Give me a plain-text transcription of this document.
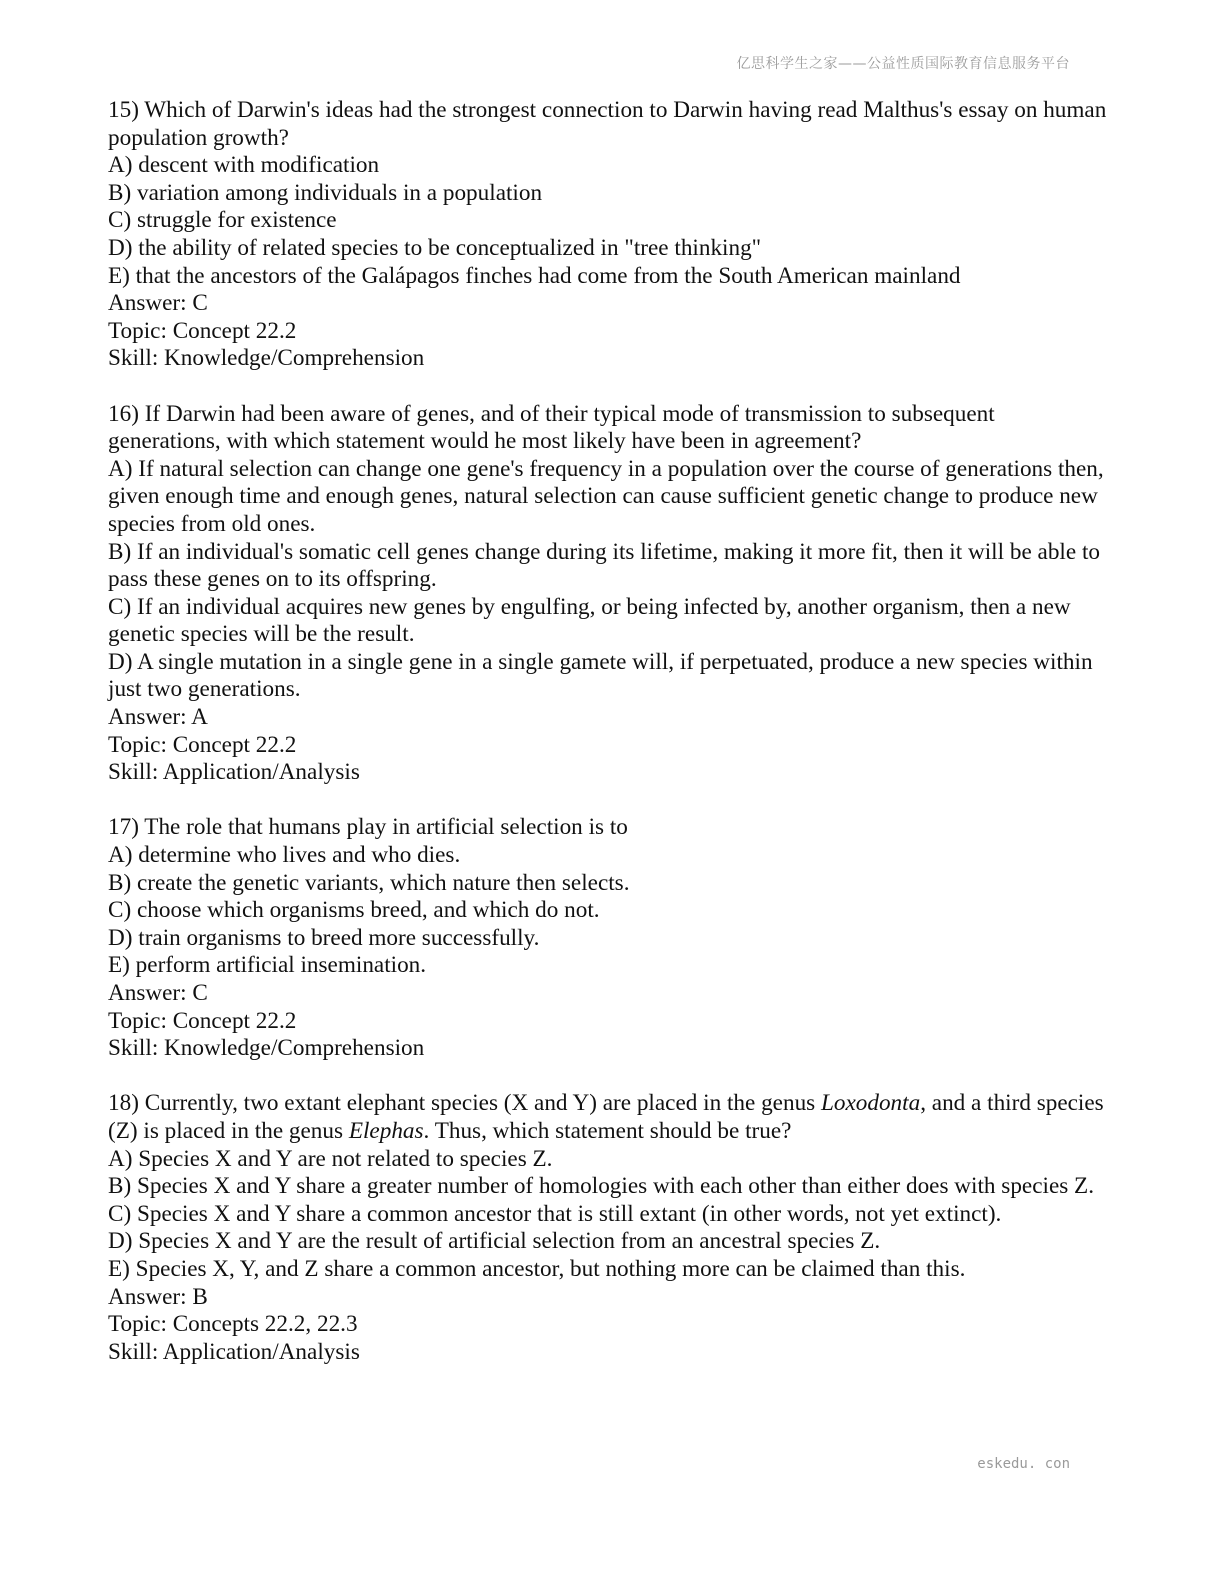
亿思科学生之家——公益性质国际教育信息服务平台
15) Which of Darwin's ideas had the strongest connection to Darwin having read Malthus's essay on human population growth?
A) descent with modification
B) variation among individuals in a population
C) struggle for existence
D) the ability of related species to be conceptualized in "tree thinking"
E) that the ancestors of the Galápagos finches had come from the South American mainland
Answer: C
Topic: Concept 22.2
Skill: Knowledge/Comprehension
16) If Darwin had been aware of genes, and of their typical mode of transmission to subsequent generations, with which statement would he most likely have been in agreement?
A) If natural selection can change one gene's frequency in a population over the course of generations then, given enough time and enough genes, natural selection can cause sufficient genetic change to produce new species from old ones.
B) If an individual's somatic cell genes change during its lifetime, making it more fit, then it will be able to pass these genes on to its offspring.
C) If an individual acquires new genes by engulfing, or being infected by, another organism, then a new genetic species will be the result.
D) A single mutation in a single gene in a single gamete will, if perpetuated, produce a new species within just two generations.
Answer: A
Topic: Concept 22.2
Skill: Application/Analysis
17) The role that humans play in artificial selection is to
A) determine who lives and who dies.
B) create the genetic variants, which nature then selects.
C) choose which organisms breed, and which do not.
D) train organisms to breed more successfully.
E) perform artificial insemination.
Answer: C
Topic: Concept 22.2
Skill: Knowledge/Comprehension
18) Currently, two extant elephant species (X and Y) are placed in the genus Loxodonta, and a third species (Z) is placed in the genus Elephas. Thus, which statement should be true?
A) Species X and Y are not related to species Z.
B) Species X and Y share a greater number of homologies with each other than either does with species Z.
C) Species X and Y share a common ancestor that is still extant (in other words, not yet extinct).
D) Species X and Y are the result of artificial selection from an ancestral species Z.
E) Species X, Y, and Z share a common ancestor, but nothing more can be claimed than this.
Answer: B
Topic: Concepts 22.2, 22.3
Skill: Application/Analysis
eskedu. con
